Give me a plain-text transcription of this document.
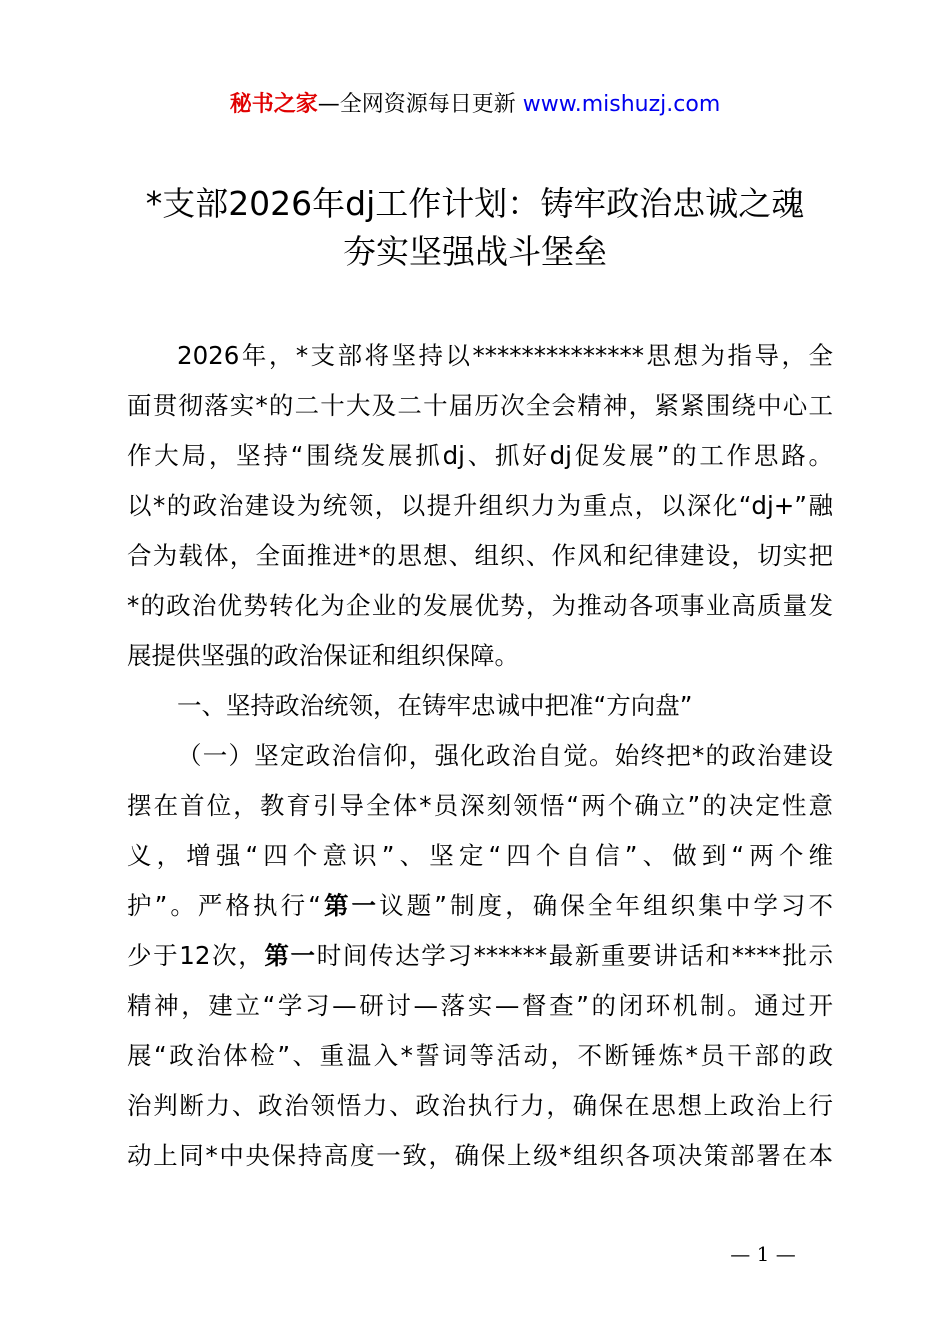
秘书之家—全网资源每日更新 www.mishuzj.com
*支部2026年dj工作计划：铸牢政治忠诚之魂
夯实坚强战斗堡垒

2026年，*支部将坚持以**************思想为指导，全
面贯彻落实*的二十大及二十届历次全会精神，紧紧围绕中心工
作大局，坚持“围绕发展抓dj、抓好dj促发展”的工作思路。
以*的政治建设为统领，以提升组织力为重点，以深化“dj+”融
合为载体，全面推进*的思想、组织、作风和纪律建设，切实把
*的政治优势转化为企业的发展优势，为推动各项事业高质量发
展提供坚强的政治保证和组织保障。

一、坚持政治统领，在铸牢忠诚中把准“方向盘”

（一）坚定政治信仰，强化政治自觉。始终把*的政治建设
摆在首位，教育引导全体*员深刻领悟“两个确立”的决定性意
义，增强“四个意识”、坚定“四个自信”、做到“两个维
护”。严格执行“第一议题”制度，确保全年组织集中学习不
少于12次，第一时间传达学习******最新重要讲话和****批示
精神，建立“学习—研讨—落实—督查”的闭环机制。通过开
展“政治体检”、重温入*誓词等活动，不断锤炼*员干部的政
治判断力、政治领悟力、政治执行力，确保在思想上政治上行
动上同*中央保持高度一致，确保上级*组织各项决策部署在本

— 1 —
